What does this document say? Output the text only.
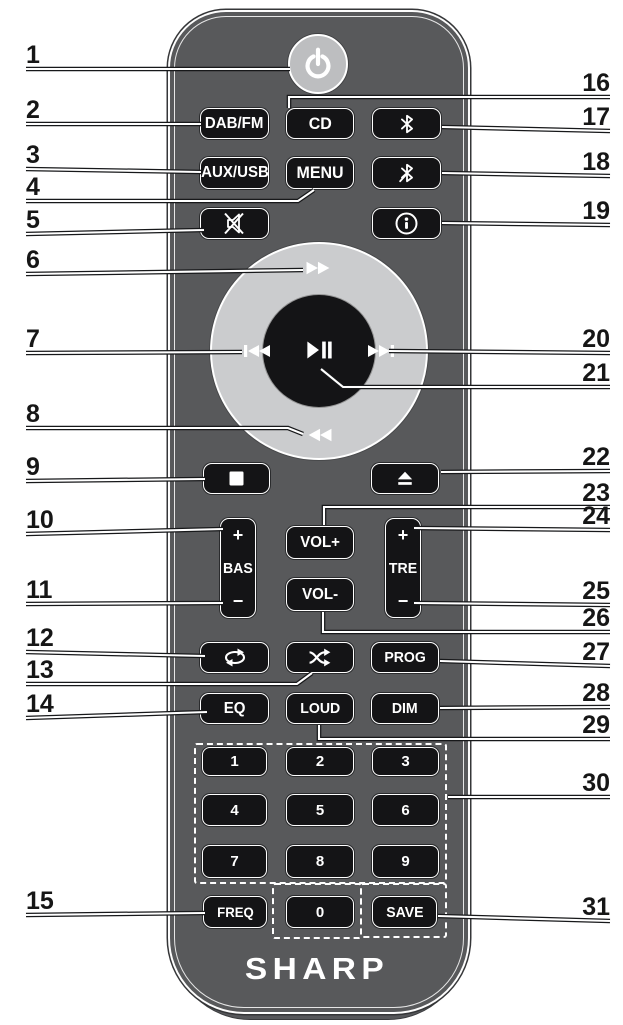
DAB/FM	CD
AUX/USB MENU
+
BAS
−
VOL+
VOL-
+
TRE
−
PROG
EQ	LOUD	DIM
1	2	3
4	5	6
7	8	9
FREQ	0	SAVE
SHARP
1
2
3
4
5
6
7
8
9
10
11
12
13
14
15
16
17
18
19
20
21
22
23
24
25
26
27
28
29
30
31
